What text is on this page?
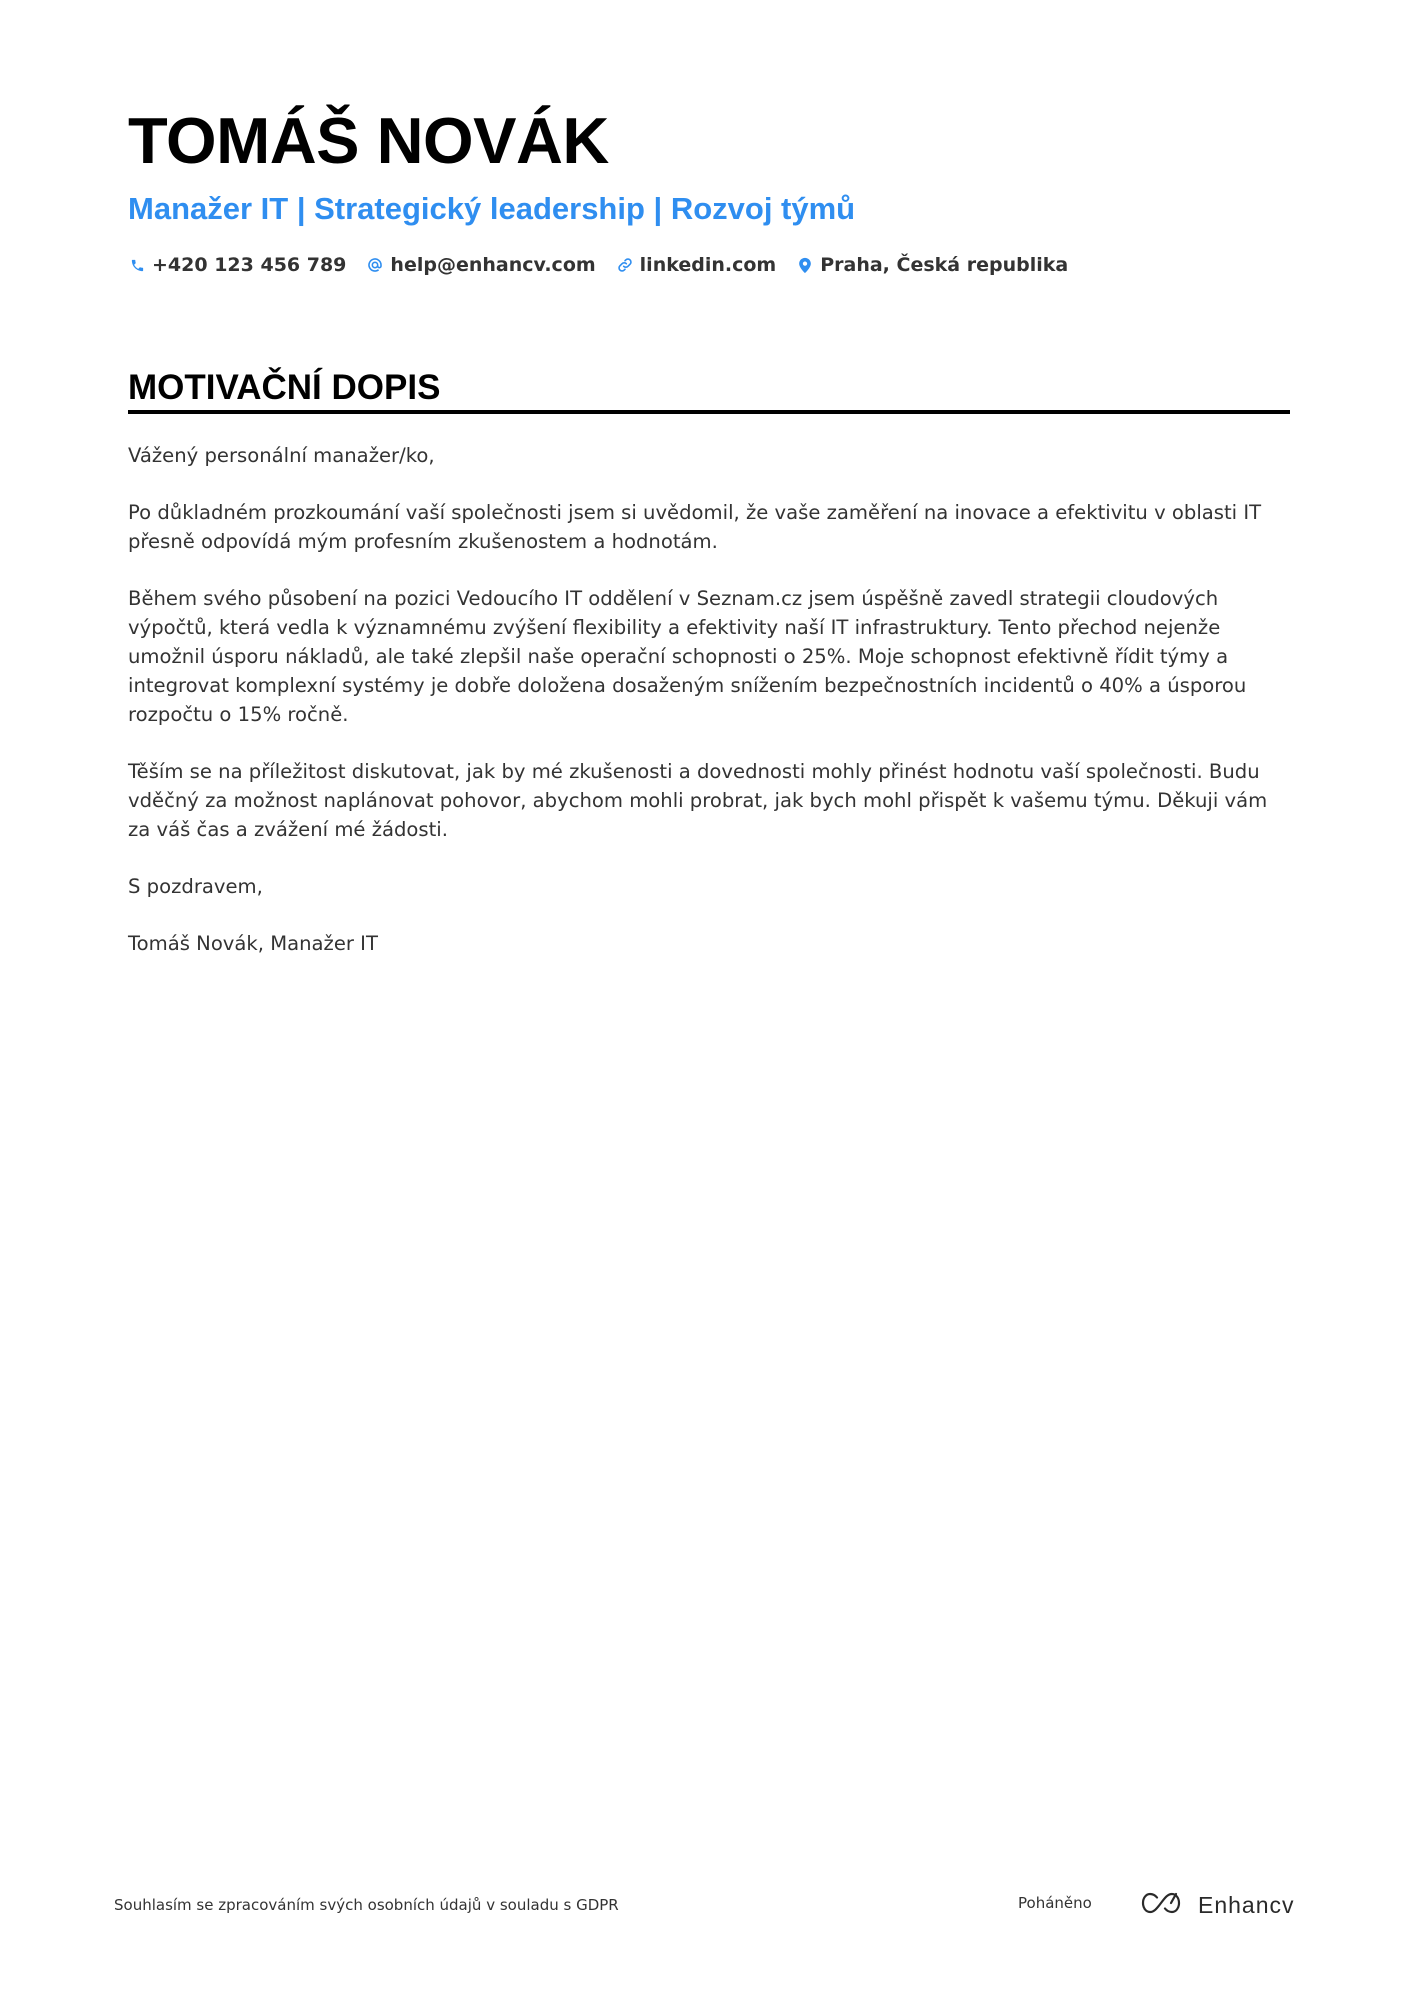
TOMÁŠ NOVÁK
Manažer IT | Strategický leadership | Rozvoj týmů
+420 123 456 789 help@enhancv.com linkedin.com Praha, Česká republika
MOTIVAČNÍ DOPIS

Vážený personální manažer/ko,

Po důkladném prozkoumání vaší společnosti jsem si uvědomil, že vaše zaměření na inovace a efektivitu v oblasti IT přesně odpovídá mým profesním zkušenostem a hodnotám.

Během svého působení na pozici Vedoucího IT oddělení v Seznam.cz jsem úspěšně zavedl strategii cloudových výpočtů, která vedla k významnému zvýšení flexibility a efektivity naší IT infrastruktury. Tento přechod nejenže umožnil úsporu nákladů, ale také zlepšil naše operační schopnosti o 25%. Moje schopnost efektivně řídit týmy a integrovat komplexní systémy je dobře doložena dosaženým snížením bezpečnostních incidentů o 40% a úsporou rozpočtu o 15% ročně.

Těším se na příležitost diskutovat, jak by mé zkušenosti a dovednosti mohly přinést hodnotu vaší společnosti. Budu vděčný za možnost naplánovat pohovor, abychom mohli probrat, jak bych mohl přispět k vašemu týmu. Děkuji vám za váš čas a zvážení mé žádosti.

S pozdravem,

Tomáš Novák, Manažer IT

Souhlasím se zpracováním svých osobních údajů v souladu s GDPR	Poháněno	Enhancv
